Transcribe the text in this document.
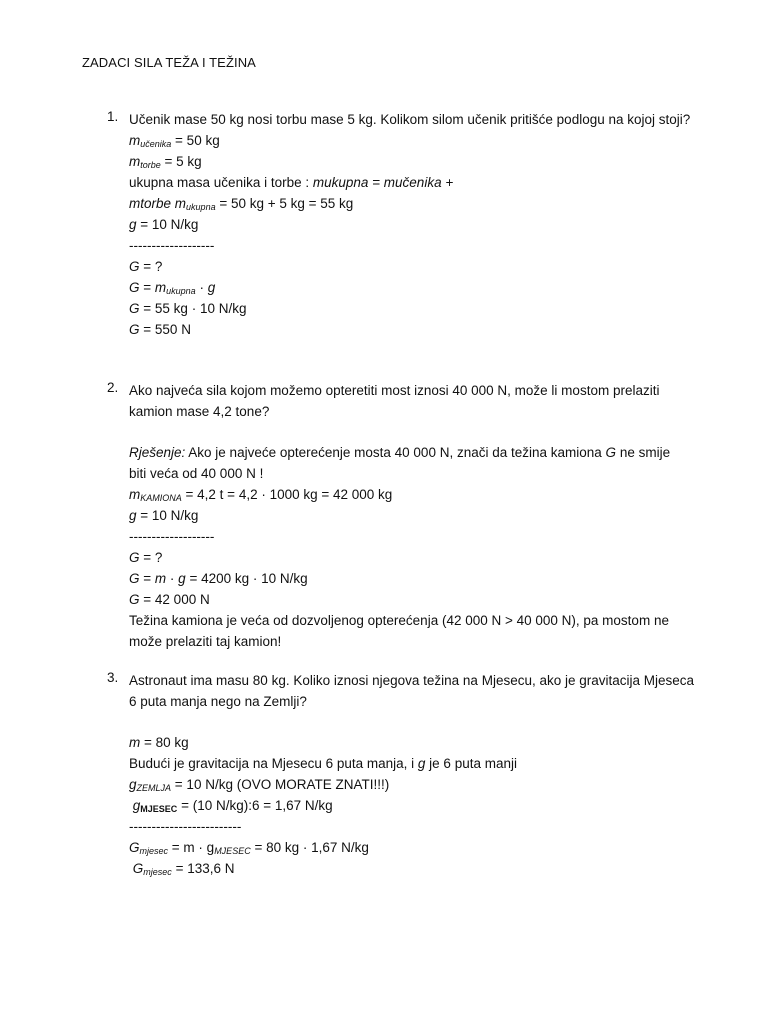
ZADACI SILA TEŽA I TEŽINA
1. Učenik mase 50 kg nosi torbu mase 5 kg. Kolikom silom učenik pritišće podlogu na kojoj stoji?
$m_{učenika} = 50$ kg
$m_{torbe} = 5$ kg
ukupna masa učenika i torbe : mukupna = mučenika +
mtorbe $m_{ukupna} = 50$ kg + 5 kg = 55 kg
g = 10 N/kg
-------------------
G = ?
$G = m_{ukupna} \cdot g$
G = 55 kg · 10 N/kg
G = 550 N
2. Ako najveća sila kojom možemo opteretiti most iznosi 40 000 N, može li mostom prelaziti kamion mase 4,2 tone?
Rješenje: Ako je najveće opterećenje mosta 40 000 N, znači da težina kamiona G ne smije
biti veća od 40 000 N !
$m_{KAMIONA} = 4,2$ t = 4,2 · 1000 kg = 42 000 kg
g = 10 N/kg
-------------------
G = ?
G = m · g = 4200 kg · 10 N/kg
G = 42 000 N
Težina kamiona je veća od dozvoljenog opterećenja (42 000 N > 40 000 N), pa mostom ne
može prelaziti taj kamion!
3. Astronaut ima masu 80 kg. Koliko iznosi njegova težina na Mjesecu, ako je gravitacija Mjeseca 6 puta manja nego na Zemlji?
m = 80 kg
Budući je gravitacija na Mjesecu 6 puta manja, i g je 6 puta manji
$g_{ZEMLJA} = 10$ N/kg (OVO MORATE ZNATI!!!)
$g_{MJESEC} = (10$ N/kg):6 = 1,67 N/kg
-------------------------
$G_{mjesec} = m \cdot g_{MJESEC} = 80$ kg · 1,67 N/kg
$G_{mjesec} = 133,6$ N
